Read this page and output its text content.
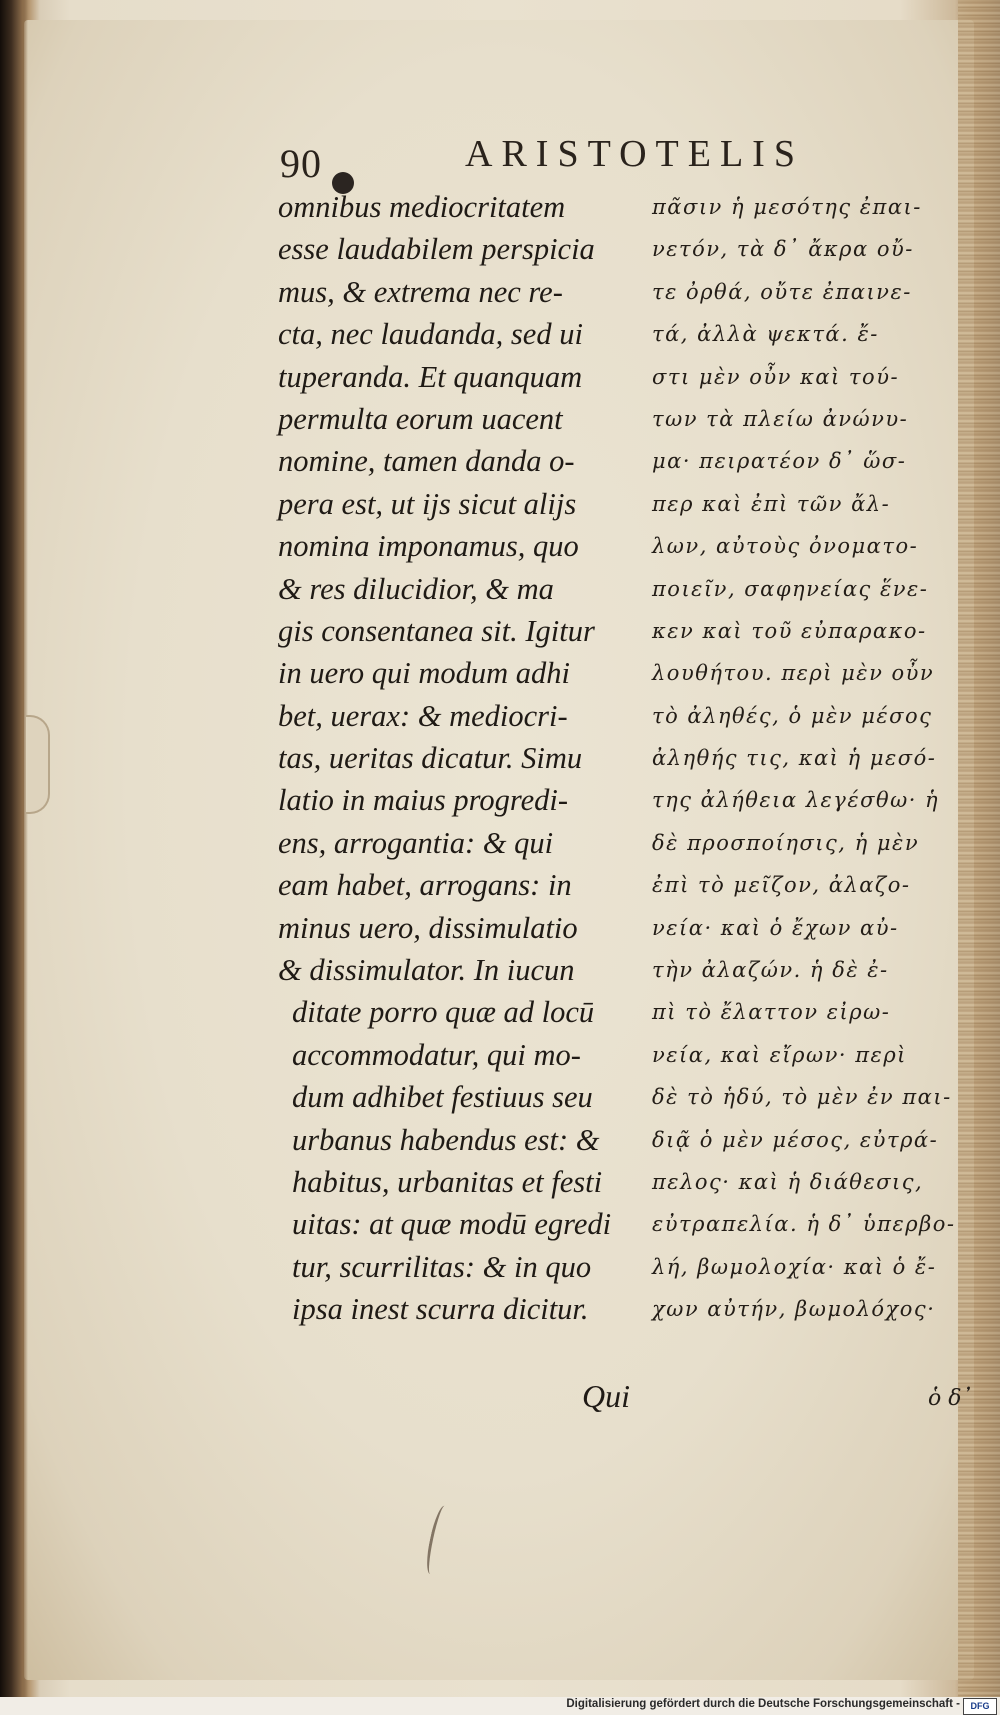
90	ARISTOTELIS
omnibus mediocritatem
esse laudabilem perspicia
mus, & extrema nec re-
cta, nec laudanda, sed ui
tuperanda. Et quanquam
permulta eorum uacent
nomine, tamen danda o-
pera est, ut ijs sicut alijs
nomina imponamus, quo
& res dilucidior, & ma
gis consentanea sit. Igitur
in uero qui modum adhi
bet, uerax: & mediocri-
tas, ueritas dicatur. Simu
latio in maius progredi-
ens, arrogantia: & qui
eam habet, arrogans: in
minus uero, dissimulatio
& dissimulator. In iucun
ditate porro quæ ad locū
accommodatur, qui mo-
dum adhibet festiuus seu
urbanus habendus est: &
habitus, urbanitas et festi
uitas: at quæ modū egredi
tur, scurrilitas: & in quo
ipsa inest scurra dicitur.
πᾶσιν ἡ μεσότης ἐπαι-
νετόν, τὰ δ᾽ ἄκρα οὔ-
τε ὀρθά, οὔτε ἐπαινε-
τά, ἀλλὰ ψεκτά. ἔ-
στι μὲν οὖν καὶ τού-
των τὰ πλείω ἀνώνυ-
μα· πειρατέον δ᾽ ὥσ-
περ καὶ ἐπὶ τῶν ἄλ-
λων, αὐτοὺς ὀνοματο-
ποιεῖν, σαφηνείας ἕνε-
κεν καὶ τοῦ εὐπαρακο-
λουθήτου. περὶ μὲν οὖν
τὸ ἀληθές, ὁ μὲν μέσος
ἀληθής τις, καὶ ἡ μεσό-
της ἀλήθεια λεγέσθω· ἡ
δὲ προσποίησις, ἡ μὲν
ἐπὶ τὸ μεῖζον, ἀλαζο-
νεία· καὶ ὁ ἔχων αὐ-
τὴν ἀλαζών. ἡ δὲ ἐ-
πὶ τὸ ἔλαττον εἰρω-
νεία, καὶ εἴρων· περὶ
δὲ τὸ ἡδύ, τὸ μὲν ἐν παι-
διᾷ ὁ μὲν μέσος, εὐτρά-
πελος· καὶ ἡ διάθεσις,
εὐτραπελία. ἡ δ᾽ ὑπερβο-
λή, βωμολοχία· καὶ ὁ ἔ-
χων αὐτήν, βωμολόχος·
Qui	ὁ δ᾽
Digitalisierung gefördert durch die Deutsche Forschungsgemeinschaft -	DFG
